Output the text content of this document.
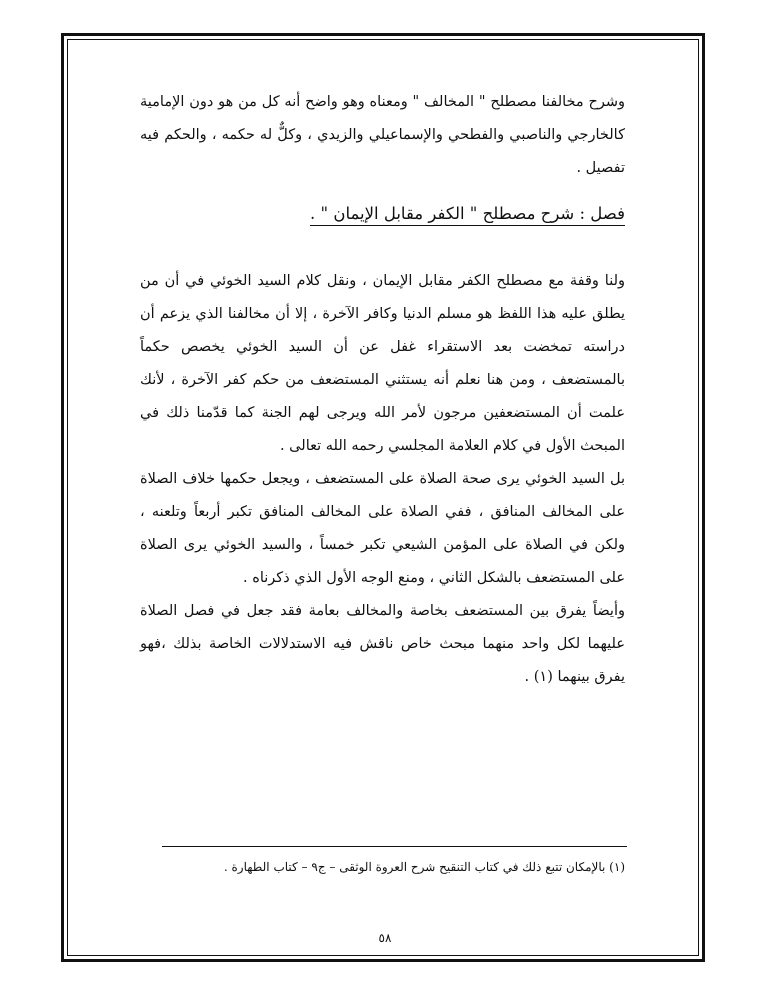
وشرح مخالفنا مصطلح " المخالف " ومعناه وهو واضح أنه كل من هو دون الإمامية كالخارجي والناصبي والفطحي والإسماعيلي والزيدي ، وكلٌّ له حكمه ، والحكم فيه تفصيل .

فصل : شرح مصطلح " الكفر مقابل الإيمان " .

ولنا وقفة مع مصطلح الكفر مقابل الإيمان ، ونقل كلام السيد الخوئي في أن من يطلق عليه هذا اللفظ هو مسلم الدنيا وكافر الآخرة ، إلا أن مخالفنا الذي يزعم أن دراسته تمخضت بعد الاستقراء غفل عن أن السيد الخوئي يخصص حكماً بالمستضعف ، ومن هنا نعلم أنه يستثني المستضعف من حكم كفر الآخرة ، لأنك علمت أن المستضعفين مرجون لأمر الله ويرجى لهم الجنة كما قدّمنا ذلك في المبحث الأول في كلام العلامة المجلسي رحمه الله تعالى .

بل السيد الخوئي يرى صحة الصلاة على المستضعف ، ويجعل حكمها خلاف الصلاة على المخالف المنافق ، ففي الصلاة على المخالف المنافق تكبر أربعاً وتلعنه ، ولكن في الصلاة على المؤمن الشيعي تكبر خمساً ، والسيد الخوئي يرى الصلاة على المستضعف بالشكل الثاني ، ومنع الوجه الأول الذي ذكرناه .

وأيضاً يفرق بين المستضعف بخاصة والمخالف بعامة فقد جعل في فصل الصلاة عليهما لكل واحد منهما مبحث خاص ناقش فيه الاستدلالات الخاصة بذلك ،فهو يفرق بينهما (١) .

(١) بالإمكان تتبع ذلك في كتاب التنقيح شرح العروة الوثقى – ج٩ – كتاب الطهارة .
٥٨
